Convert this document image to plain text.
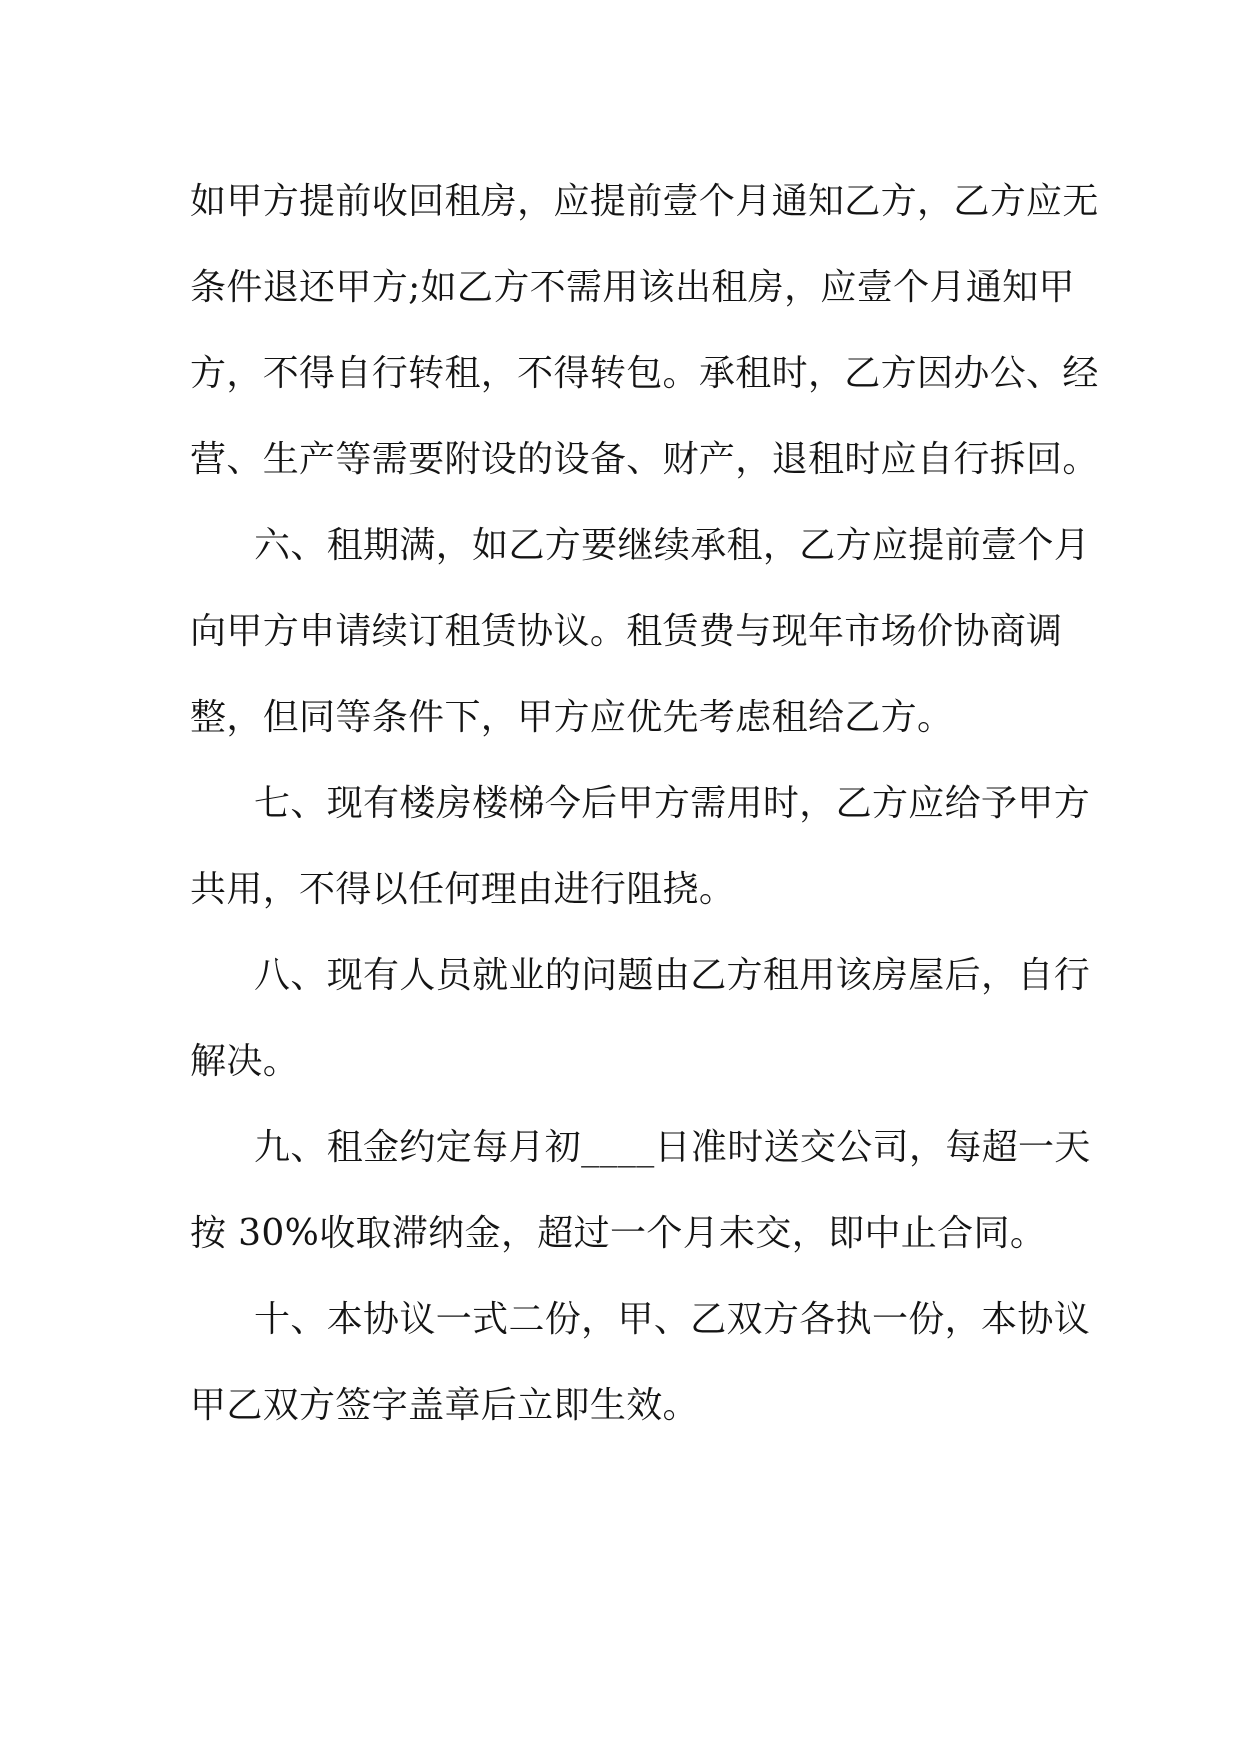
如甲方提前收回租房，应提前壹个月通知乙方，乙方应无

条件退还甲方;如乙方不需用该出租房，应壹个月通知甲

方，不得自行转租，不得转包。承租时，乙方因办公、经

营、生产等需要附设的设备、财产，退租时应自行拆回。

六、租期满，如乙方要继续承租，乙方应提前壹个月

向甲方申请续订租赁协议。租赁费与现年市场价协商调

整，但同等条件下，甲方应优先考虑租给乙方。

七、现有楼房楼梯今后甲方需用时，乙方应给予甲方

共用，不得以任何理由进行阻挠。

八、现有人员就业的问题由乙方租用该房屋后，自行

解决。

九、租金约定每月初____日准时送交公司，每超一天

按 30%收取滞纳金，超过一个月未交，即中止合同。

十、本协议一式二份，甲、乙双方各执一份，本协议

甲乙双方签字盖章后立即生效。
